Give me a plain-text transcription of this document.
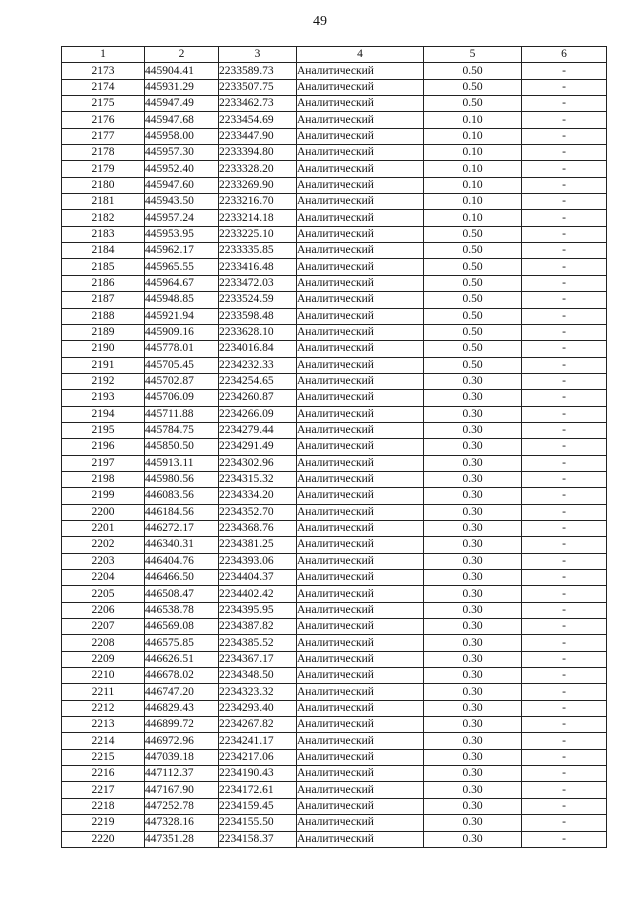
49
1	2	3	4	5	6
2173	445904.41	2233589.73	Аналитический	0.50	-
2174	445931.29	2233507.75	Аналитический	0.50	-
2175	445947.49	2233462.73	Аналитический	0.50	-
2176	445947.68	2233454.69	Аналитический	0.10	-
2177	445958.00	2233447.90	Аналитический	0.10	-
2178	445957.30	2233394.80	Аналитический	0.10	-
2179	445952.40	2233328.20	Аналитический	0.10	-
2180	445947.60	2233269.90	Аналитический	0.10	-
2181	445943.50	2233216.70	Аналитический	0.10	-
2182	445957.24	2233214.18	Аналитический	0.10	-
2183	445953.95	2233225.10	Аналитический	0.50	-
2184	445962.17	2233335.85	Аналитический	0.50	-
2185	445965.55	2233416.48	Аналитический	0.50	-
2186	445964.67	2233472.03	Аналитический	0.50	-
2187	445948.85	2233524.59	Аналитический	0.50	-
2188	445921.94	2233598.48	Аналитический	0.50	-
2189	445909.16	2233628.10	Аналитический	0.50	-
2190	445778.01	2234016.84	Аналитический	0.50	-
2191	445705.45	2234232.33	Аналитический	0.50	-
2192	445702.87	2234254.65	Аналитический	0.30	-
2193	445706.09	2234260.87	Аналитический	0.30	-
2194	445711.88	2234266.09	Аналитический	0.30	-
2195	445784.75	2234279.44	Аналитический	0.30	-
2196	445850.50	2234291.49	Аналитический	0.30	-
2197	445913.11	2234302.96	Аналитический	0.30	-
2198	445980.56	2234315.32	Аналитический	0.30	-
2199	446083.56	2234334.20	Аналитический	0.30	-
2200	446184.56	2234352.70	Аналитический	0.30	-
2201	446272.17	2234368.76	Аналитический	0.30	-
2202	446340.31	2234381.25	Аналитический	0.30	-
2203	446404.76	2234393.06	Аналитический	0.30	-
2204	446466.50	2234404.37	Аналитический	0.30	-
2205	446508.47	2234402.42	Аналитический	0.30	-
2206	446538.78	2234395.95	Аналитический	0.30	-
2207	446569.08	2234387.82	Аналитический	0.30	-
2208	446575.85	2234385.52	Аналитический	0.30	-
2209	446626.51	2234367.17	Аналитический	0.30	-
2210	446678.02	2234348.50	Аналитический	0.30	-
2211	446747.20	2234323.32	Аналитический	0.30	-
2212	446829.43	2234293.40	Аналитический	0.30	-
2213	446899.72	2234267.82	Аналитический	0.30	-
2214	446972.96	2234241.17	Аналитический	0.30	-
2215	447039.18	2234217.06	Аналитический	0.30	-
2216	447112.37	2234190.43	Аналитический	0.30	-
2217	447167.90	2234172.61	Аналитический	0.30	-
2218	447252.78	2234159.45	Аналитический	0.30	-
2219	447328.16	2234155.50	Аналитический	0.30	-
2220	447351.28	2234158.37	Аналитический	0.30	-
